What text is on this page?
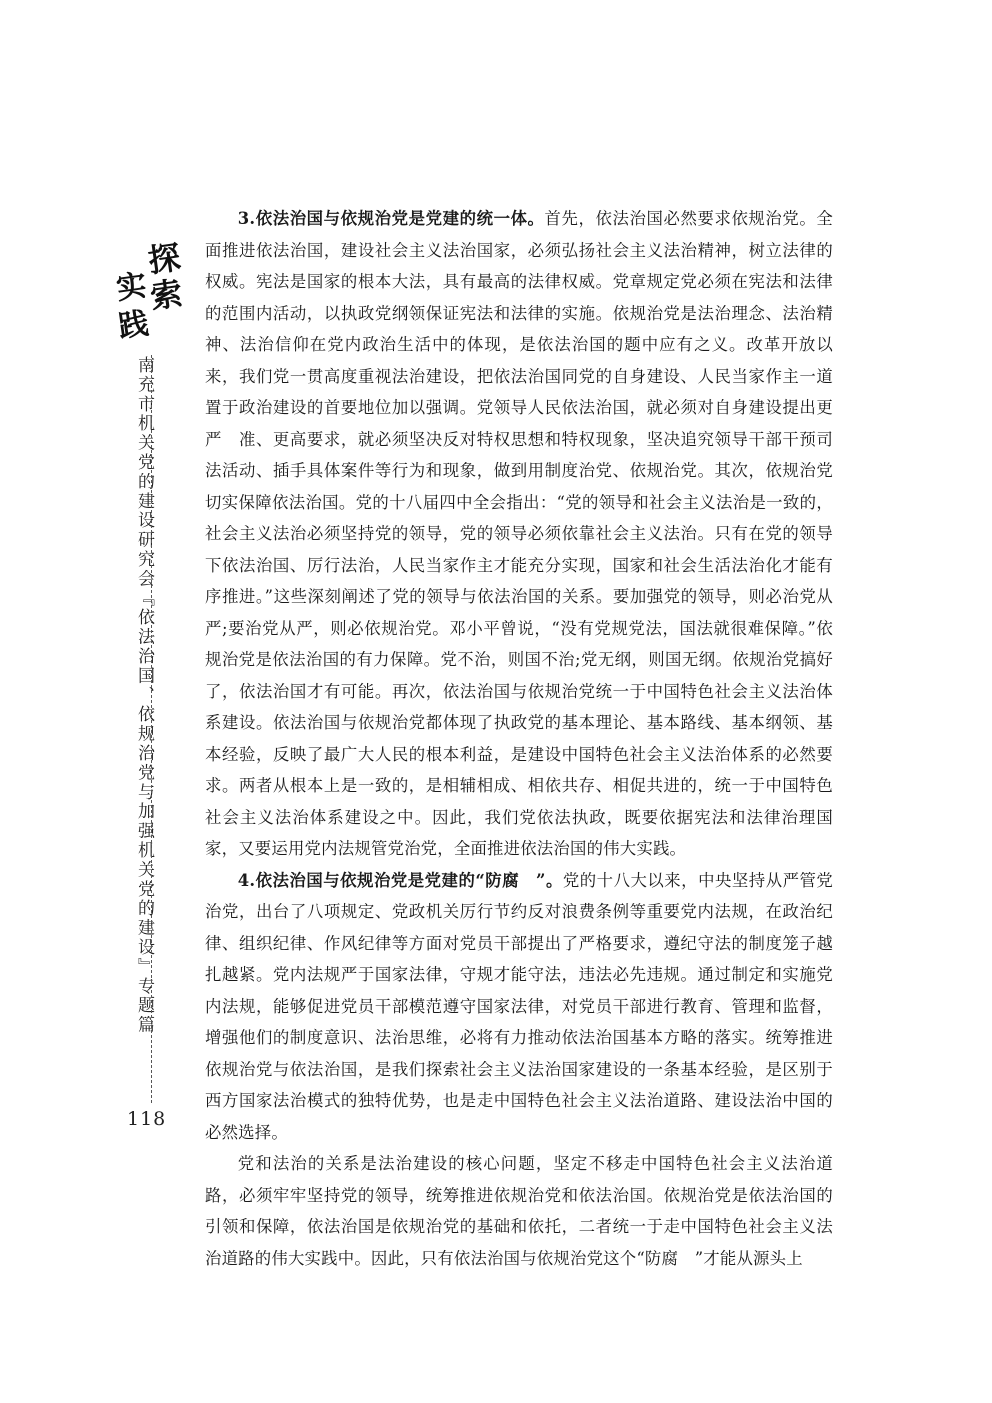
探
索
实
践
南充市机关党的建设研究会『依法治国、依规治党与加强机关党的建设』专题篇
118

3.依法治国与依规治党是党建的统一体。首先，依法治国必然要求依规治党。全面推进依法治国，建设社会主义法治国家，必须弘扬社会主义法治精神，树立法律的权威。宪法是国家的根本大法，具有最高的法律权威。党章规定党必须在宪法和法律的范围内活动，以执政党纲领保证宪法和法律的实施。依规治党是法治理念、法治精神、法治信仰在党内政治生活中的体现，是依法治国的题中应有之义。改革开放以来，我们党一贯高度重视法治建设，把依法治国同党的自身建设、人民当家作主一道置于政治建设的首要地位加以强调。党领导人民依法治国，就必须对自身建设提出更严　准、更高要求，就必须坚决反对特权思想和特权现象，坚决追究领导干部干预司法活动、插手具体案件等行为和现象，做到用制度治党、依规治党。其次，依规治党切实保障依法治国。党的十八届四中全会指出：“党的领导和社会主义法治是一致的，社会主义法治必须坚持党的领导，党的领导必须依靠社会主义法治。只有在党的领导下依法治国、厉行法治，人民当家作主才能充分实现，国家和社会生活法治化才能有序推进。”这些深刻阐述了党的领导与依法治国的关系。要加强党的领导，则必治党从严;要治党从严，则必依规治党。邓小平曾说，“没有党规党法，国法就很难保障。”依规治党是依法治国的有力保障。党不治，则国不治;党无纲，则国无纲。依规治党搞好了，依法治国才有可能。再次，依法治国与依规治党统一于中国特色社会主义法治体系建设。依法治国与依规治党都体现了执政党的基本理论、基本路线、基本纲领、基本经验，反映了最广大人民的根本利益，是建设中国特色社会主义法治体系的必然要求。两者从根本上是一致的，是相辅相成、相依共存、相促共进的，统一于中国特色社会主义法治体系建设之中。因此，我们党依法执政，既要依据宪法和法律治理国家，又要运用党内法规管党治党，全面推进依法治国的伟大实践。

4.依法治国与依规治党是党建的“防腐　”。党的十八大以来，中央坚持从严管党治党，出台了八项规定、党政机关厉行节约反对浪费条例等重要党内法规，在政治纪律、组织纪律、作风纪律等方面对党员干部提出了严格要求，遵纪守法的制度笼子越扎越紧。党内法规严于国家法律，守规才能守法，违法必先违规。通过制定和实施党内法规，能够促进党员干部模范遵守国家法律，对党员干部进行教育、管理和监督，增强他们的制度意识、法治思维，必将有力推动依法治国基本方略的落实。统筹推进依规治党与依法治国，是我们探索社会主义法治国家建设的一条基本经验，是区别于西方国家法治模式的独特优势，也是走中国特色社会主义法治道路、建设法治中国的必然选择。

党和法治的关系是法治建设的核心问题，坚定不移走中国特色社会主义法治道路，必须牢牢坚持党的领导，统筹推进依规治党和依法治国。依规治党是依法治国的引领和保障，依法治国是依规治党的基础和依托，二者统一于走中国特色社会主义法治道路的伟大实践中。因此，只有依法治国与依规治党这个“防腐　”才能从源头上
